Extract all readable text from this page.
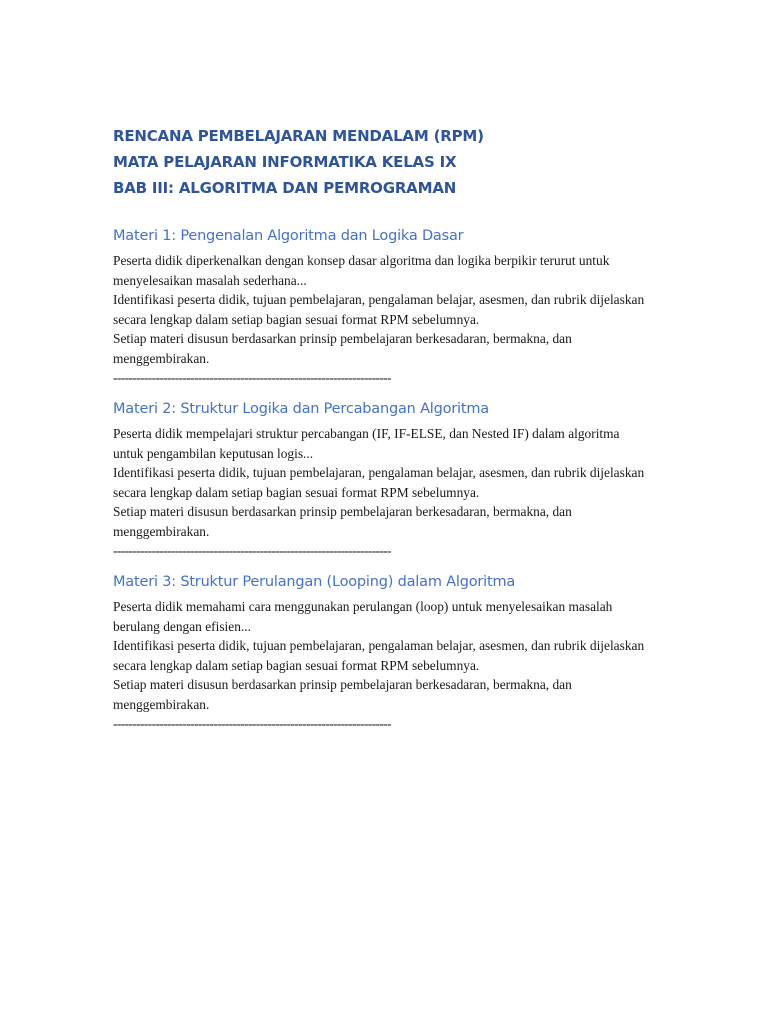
RENCANA PEMBELAJARAN MENDALAM (RPM)

MATA PELAJARAN INFORMATIKA KELAS IX

BAB III: ALGORITMA DAN PEMROGRAMAN

Materi 1: Pengenalan Algoritma dan Logika Dasar

Peserta didik diperkenalkan dengan konsep dasar algoritma dan logika berpikir terurut untuk menyelesaikan masalah sederhana...

Identifikasi peserta didik, tujuan pembelajaran, pengalaman belajar, asesmen, dan rubrik dijelaskan secara lengkap dalam setiap bagian sesuai format RPM sebelumnya.

Setiap materi disusun berdasarkan prinsip pembelajaran berkesadaran, bermakna, dan menggembirakan.

------------------------------------------------------------------------

Materi 2: Struktur Logika dan Percabangan Algoritma

Peserta didik mempelajari struktur percabangan (IF, IF-ELSE, dan Nested IF) dalam algoritma untuk pengambilan keputusan logis...

Identifikasi peserta didik, tujuan pembelajaran, pengalaman belajar, asesmen, dan rubrik dijelaskan secara lengkap dalam setiap bagian sesuai format RPM sebelumnya.

Setiap materi disusun berdasarkan prinsip pembelajaran berkesadaran, bermakna, dan menggembirakan.

------------------------------------------------------------------------

Materi 3: Struktur Perulangan (Looping) dalam Algoritma

Peserta didik memahami cara menggunakan perulangan (loop) untuk menyelesaikan masalah berulang dengan efisien...

Identifikasi peserta didik, tujuan pembelajaran, pengalaman belajar, asesmen, dan rubrik dijelaskan secara lengkap dalam setiap bagian sesuai format RPM sebelumnya.

Setiap materi disusun berdasarkan prinsip pembelajaran berkesadaran, bermakna, dan menggembirakan.

------------------------------------------------------------------------
